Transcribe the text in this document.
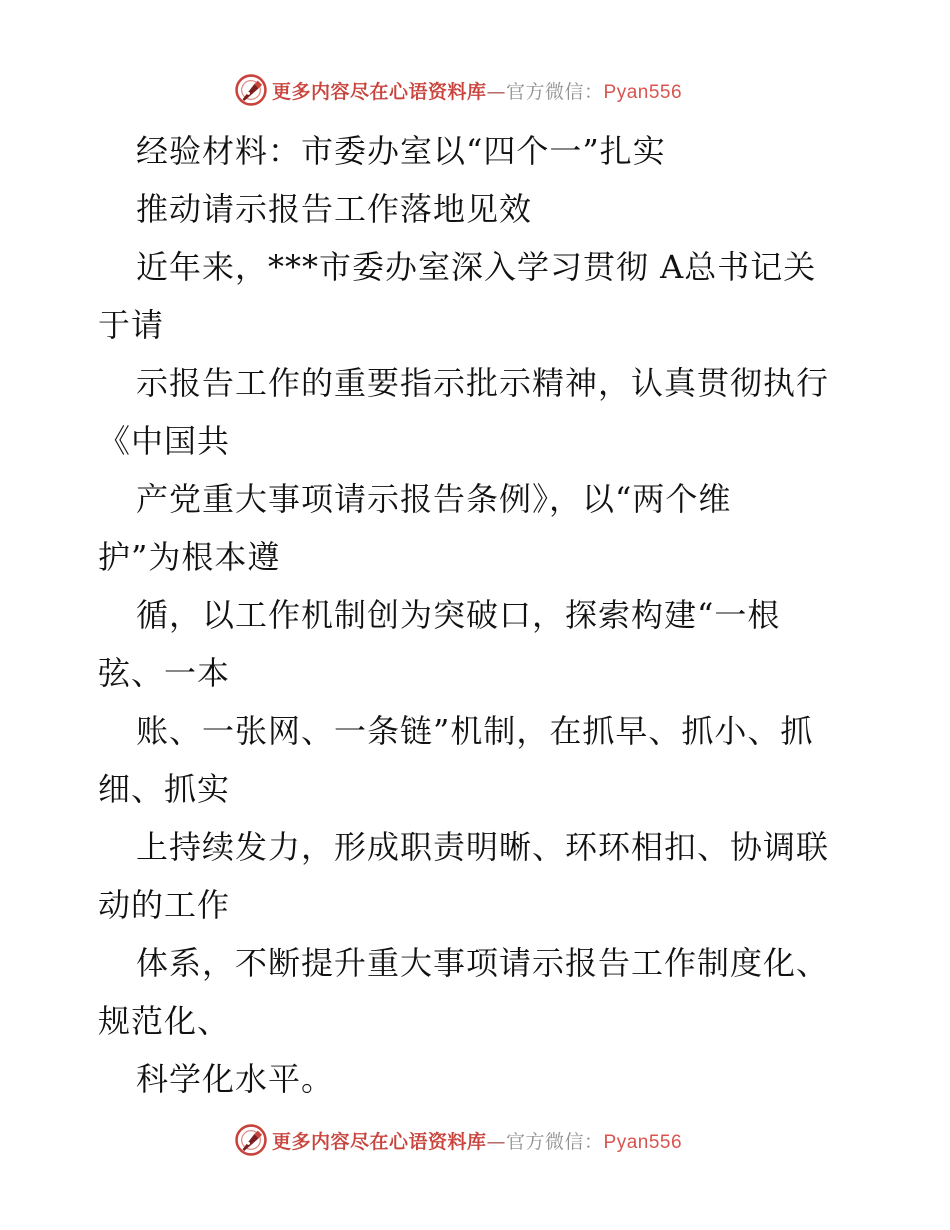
更多内容尽在心语资料库—官方微信：Pyan556
经验材料：市委办室以“四个一”扎实
推动请示报告工作落地见效
近年来，***市委办室深入学习贯彻 A总书记关
于请
示报告工作的重要指示批示精神，认真贯彻执行
《中国共
产党重大事项请示报告条例》，以“两个维
护”为根本遵
循，以工作机制创为突破口，探索构建“一根
弦、一本
账、一张网、一条链”机制，在抓早、抓小、抓
细、抓实
上持续发力，形成职责明晰、环环相扣、协调联
动的工作
体系，不断提升重大事项请示报告工作制度化、
规范化、
科学化水平。
更多内容尽在心语资料库—官方微信：Pyan556
